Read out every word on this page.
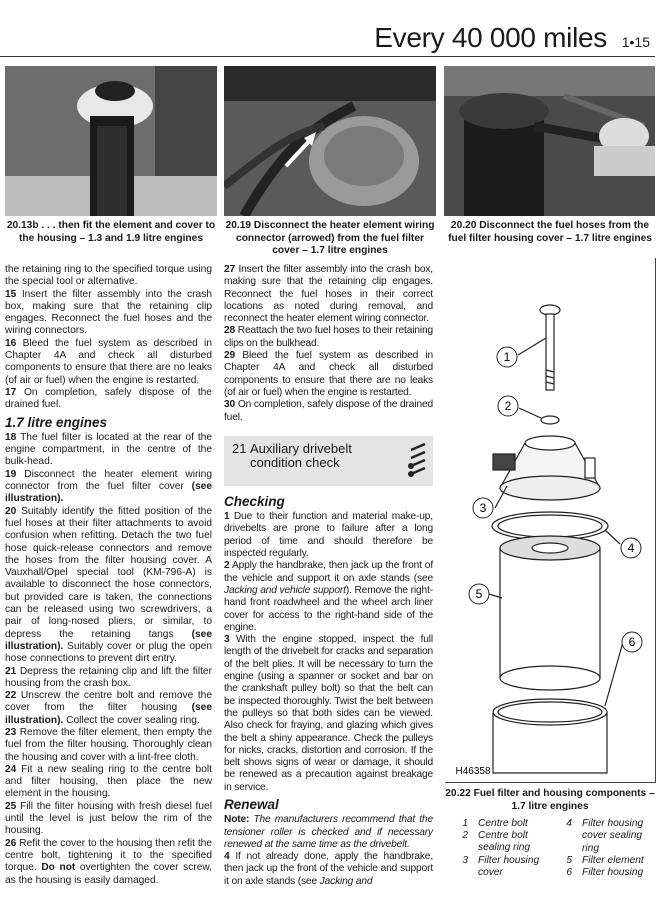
Every 40 000 miles 1•15
20.13b . . . then fit the element and cover to the housing – 1.3 and 1.9 litre engines
20.19 Disconnect the heater element wiring connector (arrowed) from the fuel filter cover – 1.7 litre engines
20.20 Disconnect the fuel hoses from the fuel filter housing cover – 1.7 litre engines

the retaining ring to the specified torque using the special tool or alternative.

15 Insert the filter assembly into the crash box, making sure that the retaining clip engages. Reconnect the fuel hoses and the wiring connectors.

16 Bleed the fuel system as described in Chapter 4A and check all disturbed components to ensure that there are no leaks (of air or fuel) when the engine is restarted.

17 On completion, safely dispose of the drained fuel.

1.7 litre engines

18 The fuel filter is located at the rear of the engine compartment, in the centre of the bulk-head.

19 Disconnect the heater element wiring connector from the fuel filter cover (see illustration).

20 Suitably identify the fitted position of the fuel hoses at their filter attachments to avoid confusion when refitting. Detach the two fuel hose quick-release connectors and remove the hoses from the filter housing cover. A Vauxhall/Opel special tool (KM-796-A) is available to disconnect the hose connectors, but provided care is taken, the connections can be released using two screwdrivers, a pair of long-nosed pliers, or similar, to depress the retaining tangs (see illustration). Suitably cover or plug the open hose connections to prevent dirt entry.

21 Depress the retaining clip and lift the filter housing from the crash box.

22 Unscrew the centre bolt and remove the cover from the filter housing (see illustration). Collect the cover sealing ring.

23 Remove the filter element, then empty the fuel from the filter housing. Thoroughly clean the housing and cover with a lint-free cloth.

24 Fit a new sealing ring to the centre bolt and filter housing, then place the new element in the housing.

25 Fill the filter housing with fresh diesel fuel until the level is just below the rim of the housing.

26 Refit the cover to the housing then refit the centre bolt, tightening it to the specified torque. Do not overtighten the cover screw, as the housing is easily damaged.

27 Insert the filter assembly into the crash box, making sure that the retaining clip engages. Reconnect the fuel hoses in their correct locations as noted during removal, and reconnect the heater element wiring connector.

28 Reattach the two fuel hoses to their retaining clips on the bulkhead.

29 Bleed the fuel system as described in Chapter 4A and check all disturbed components to ensure that there are no leaks (of air or fuel) when the engine is restarted.

30 On completion, safely dispose of the drained fuel.

21 Auxiliary drivebelt condition check
Checking

1 Due to their function and material make-up, drivebelts are prone to failure after a long period of time and should therefore be inspected regularly.

2 Apply the handbrake, then jack up the front of the vehicle and support it on axle stands (see Jacking and vehicle support). Remove the right-hand front roadwheel and the wheel arch liner cover for access to the right-hand side of the engine.

3 With the engine stopped, inspect the full length of the drivebelt for cracks and separation of the belt plies. It will be necessary to turn the engine (using a spanner or socket and bar on the crankshaft pulley bolt) so that the belt can be inspected thoroughly. Twist the belt between the pulleys so that both sides can be viewed. Also check for fraying, and glazing which gives the belt a shiny appearance. Check the pulleys for nicks, cracks, distortion and corrosion. If the belt shows signs of wear or damage, it should be renewed as a precaution against breakage in service.

Renewal

Note: The manufacturers recommend that the tensioner roller is checked and if necessary renewed at the same time as the drivebelt.

4 If not already done, apply the handbrake, then jack up the front of the vehicle and support it on axle stands (see Jacking and

1
2
3
4
5
6
H46358
20.22 Fuel filter and housing components – 1.7 litre engines
1 Centre bolt
2 Centre bolt sealing ring
3 Filter housing cover
4 Filter housing cover sealing ring
5 Filter element
6 Filter housing
